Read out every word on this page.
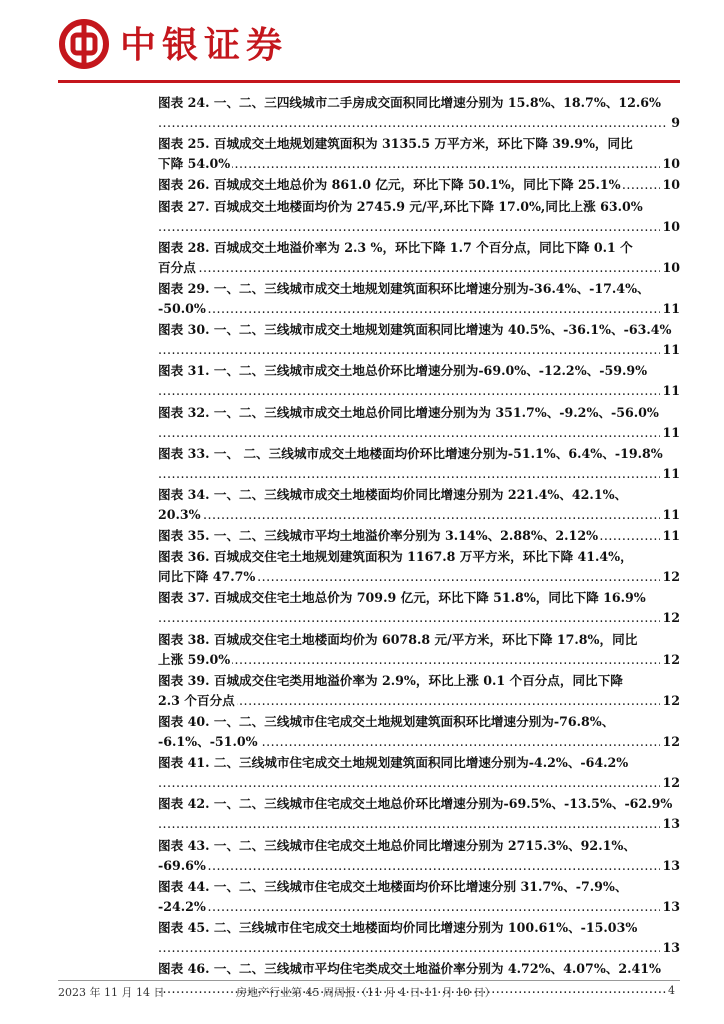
中银证券
图表 24. 一、二、三四线城市二手房成交面积同比增速分别为 15.8%、18.7%、12.6%
.....
9
图表 25. 百城成交土地规划建筑面积为 3135.5 万平方米，环比下降 39.9%，同比
.....
下降 54.0%	10
.....
图表 26. 百城成交土地总价为 861.0 亿元，环比下降 50.1%，同比下降 25.1%	10
图表 27. 百城成交土地楼面均价为 2745.9 元/平,环比下降 17.0%,同比上涨 63.0%
.....
10
图表 28. 百城成交土地溢价率为 2.3 %，环比下降 1.7 个百分点，同比下降 0.1 个
.....
百分点	10
图表 29. 一、二、三线城市成交土地规划建筑面积环比增速分别为-36.4%、-17.4%、
.....
-50.0%	11
图表 30. 一、二、三线城市成交土地规划建筑面积同比增速为 40.5%、-36.1%、-63.4%
.....
11
图表 31. 一、二、三线城市成交土地总价环比增速分别为-69.0%、-12.2%、-59.9%
.....
11
图表 32. 一、二、三线城市成交土地总价同比增速分别为为 351.7%、-9.2%、-56.0%
.....
11
图表 33. 一、 二、三线城市成交土地楼面均价环比增速分别为-51.1%、6.4%、-19.8%
.....
11
图表 34. 一、二、三线城市成交土地楼面均价同比增速分别为 221.4%、42.1%、
.....
20.3%	11
.....
图表 35. 一、二、三线城市平均土地溢价率分别为 3.14%、2.88%、2.12%	11
图表 36. 百城成交住宅土地规划建筑面积为 1167.8 万平方米，环比下降 41.4%，
.....
同比下降 47.7%	12
图表 37. 百城成交住宅土地总价为 709.9 亿元，环比下降 51.8%，同比下降 16.9%
.....
12
图表 38. 百城成交住宅土地楼面均价为 6078.8 元/平方米，环比下降 17.8%，同比
.....
上涨 59.0%	12
图表 39. 百城成交住宅类用地溢价率为 2.9%，环比上涨 0.1 个百分点，同比下降
.....
2.3 个百分点	12
图表 40. 一、二、三线城市住宅成交土地规划建筑面积环比增速分别为-76.8%、
.....
-6.1%、-51.0%	12
图表 41. 二、三线城市住宅成交土地规划建筑面积同比增速分别为-4.2%、-64.2%
.....
12
图表 42. 一、二、三线城市住宅成交土地总价环比增速分别为-69.5%、-13.5%、-62.9%
.....
13
图表 43. 一、二、三线城市住宅成交土地总价同比增速分别为 2715.3%、92.1%、
.....
-69.6%	13
图表 44. 一、二、三线城市住宅成交土地楼面均价环比增速分别 31.7%、-7.9%、
.....
-24.2%	13
图表 45. 二、三线城市住宅成交土地楼面均价同比增速分别为 100.61%、-15.03%
.....
13
图表 46. 一、二、三线城市平均住宅类成交土地溢价率分别为 4.72%、4.07%、2.41%
.....
2023 年 11 月 14 日	房地产行业第 45 周周报（11 月 4 日-11 月 10 日）	4
